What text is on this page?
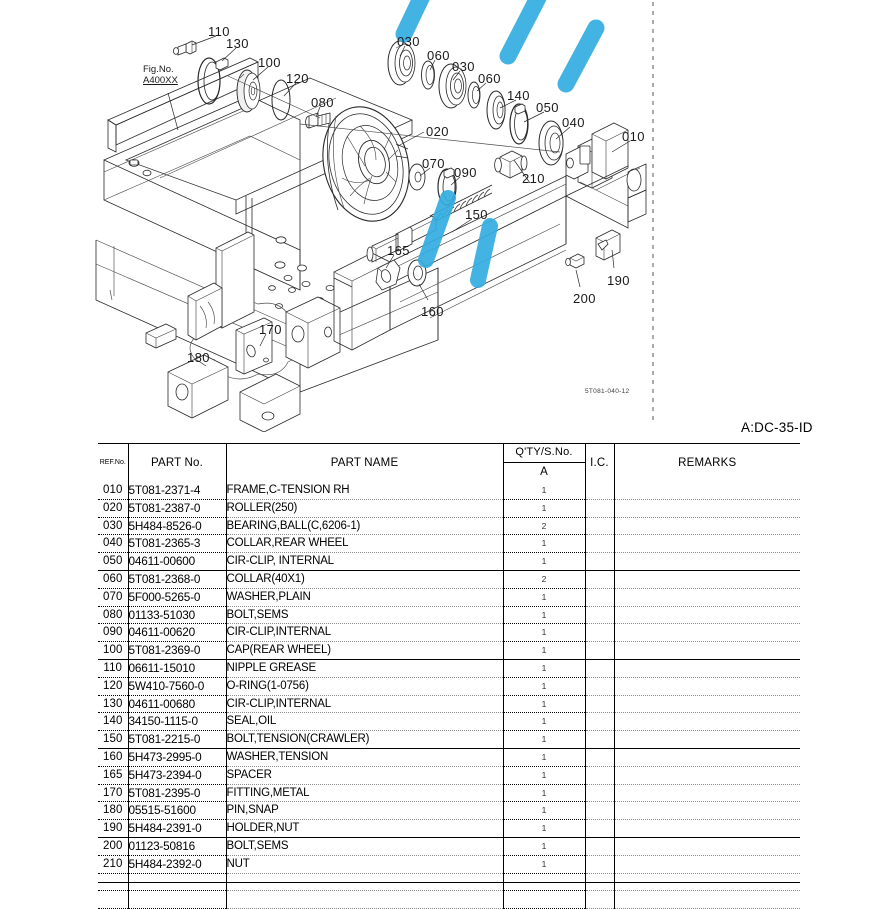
Fig.No.
A400XX
110
130
100
120
080
030
060
030
060
140
050
040
010
020
070
090	210
150
165
160
190
200
170
180
5T081-040-12
A:DC-35-ID
REF.No.	PART No.	PART NAME	Q'TY/S.No.	I.C.	REMARKS
			A		
010	5T081-2371-4	FRAME,C-TENSION RH	1		
020	5T081-2387-0	ROLLER(250)	1		
030	5H484-8526-0	BEARING,BALL(C,6206-1)	2		
040	5T081-2365-3	COLLAR,REAR WHEEL	1		
050	04611-00600	CIR-CLIP, INTERNAL	1		
060	5T081-2368-0	COLLAR(40X1)	2		
070	5F000-5265-0	WASHER,PLAIN	1		
080	01133-51030	BOLT,SEMS	1		
090	04611-00620	CIR-CLIP,INTERNAL	1		
100	5T081-2369-0	CAP(REAR WHEEL)	1		
110	06611-15010	NIPPLE GREASE	1		
120	5W410-7560-0	O-RING(1-0756)	1		
130	04611-00680	CIR-CLIP,INTERNAL	1		
140	34150-1115-0	SEAL,OIL	1		
150	5T081-2215-0	BOLT,TENSION(CRAWLER)	1		
160	5H473-2995-0	WASHER,TENSION	1		
165	5H473-2394-0	SPACER	1		
170	5T081-2395-0	FITTING,METAL	1		
180	05515-51600	PIN,SNAP	1		
190	5H484-2391-0	HOLDER,NUT	1		
200	01123-50816	BOLT,SEMS	1		
210	5H484-2392-0	NUT	1		
